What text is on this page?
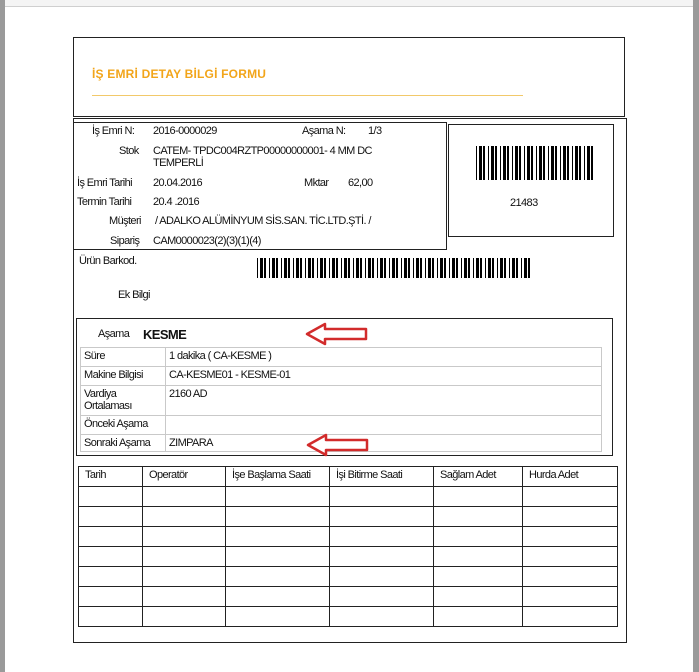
İŞ EMRİ DETAY BİLGİ FORMU
İş Emri N: 2016-0000029	Aşama N: 1/3
Stok CATEM- TPDC004RZTP00000000001- 4 MM DC
TEMPERLİ
İş Emri Tarihi 20.04.2016	Mktar 62,00
Termin Tarihi 20.4 .2016
Müşteri / ADALKO ALÜMİNYUM SİS.SAN. TİC.LTD.ŞTİ. /
Sipariş CAM0000023(2)(3)(1)(4)
21483
Ürün Barkod.
Ek Bilgi
Aşama KESME
Süre	1 dakika ( CA-KESME )
Makine Bilgisi	CA-KESME01 - KESME-01
Vardiya Ortalaması	2160 AD
Önceki Aşama	
Sonraki Aşama	ZIMPARA
Tarih	Operatör	İşe Başlama Saati	İşi Bitirme Saati	Sağlam Adet	Hurda Adet
